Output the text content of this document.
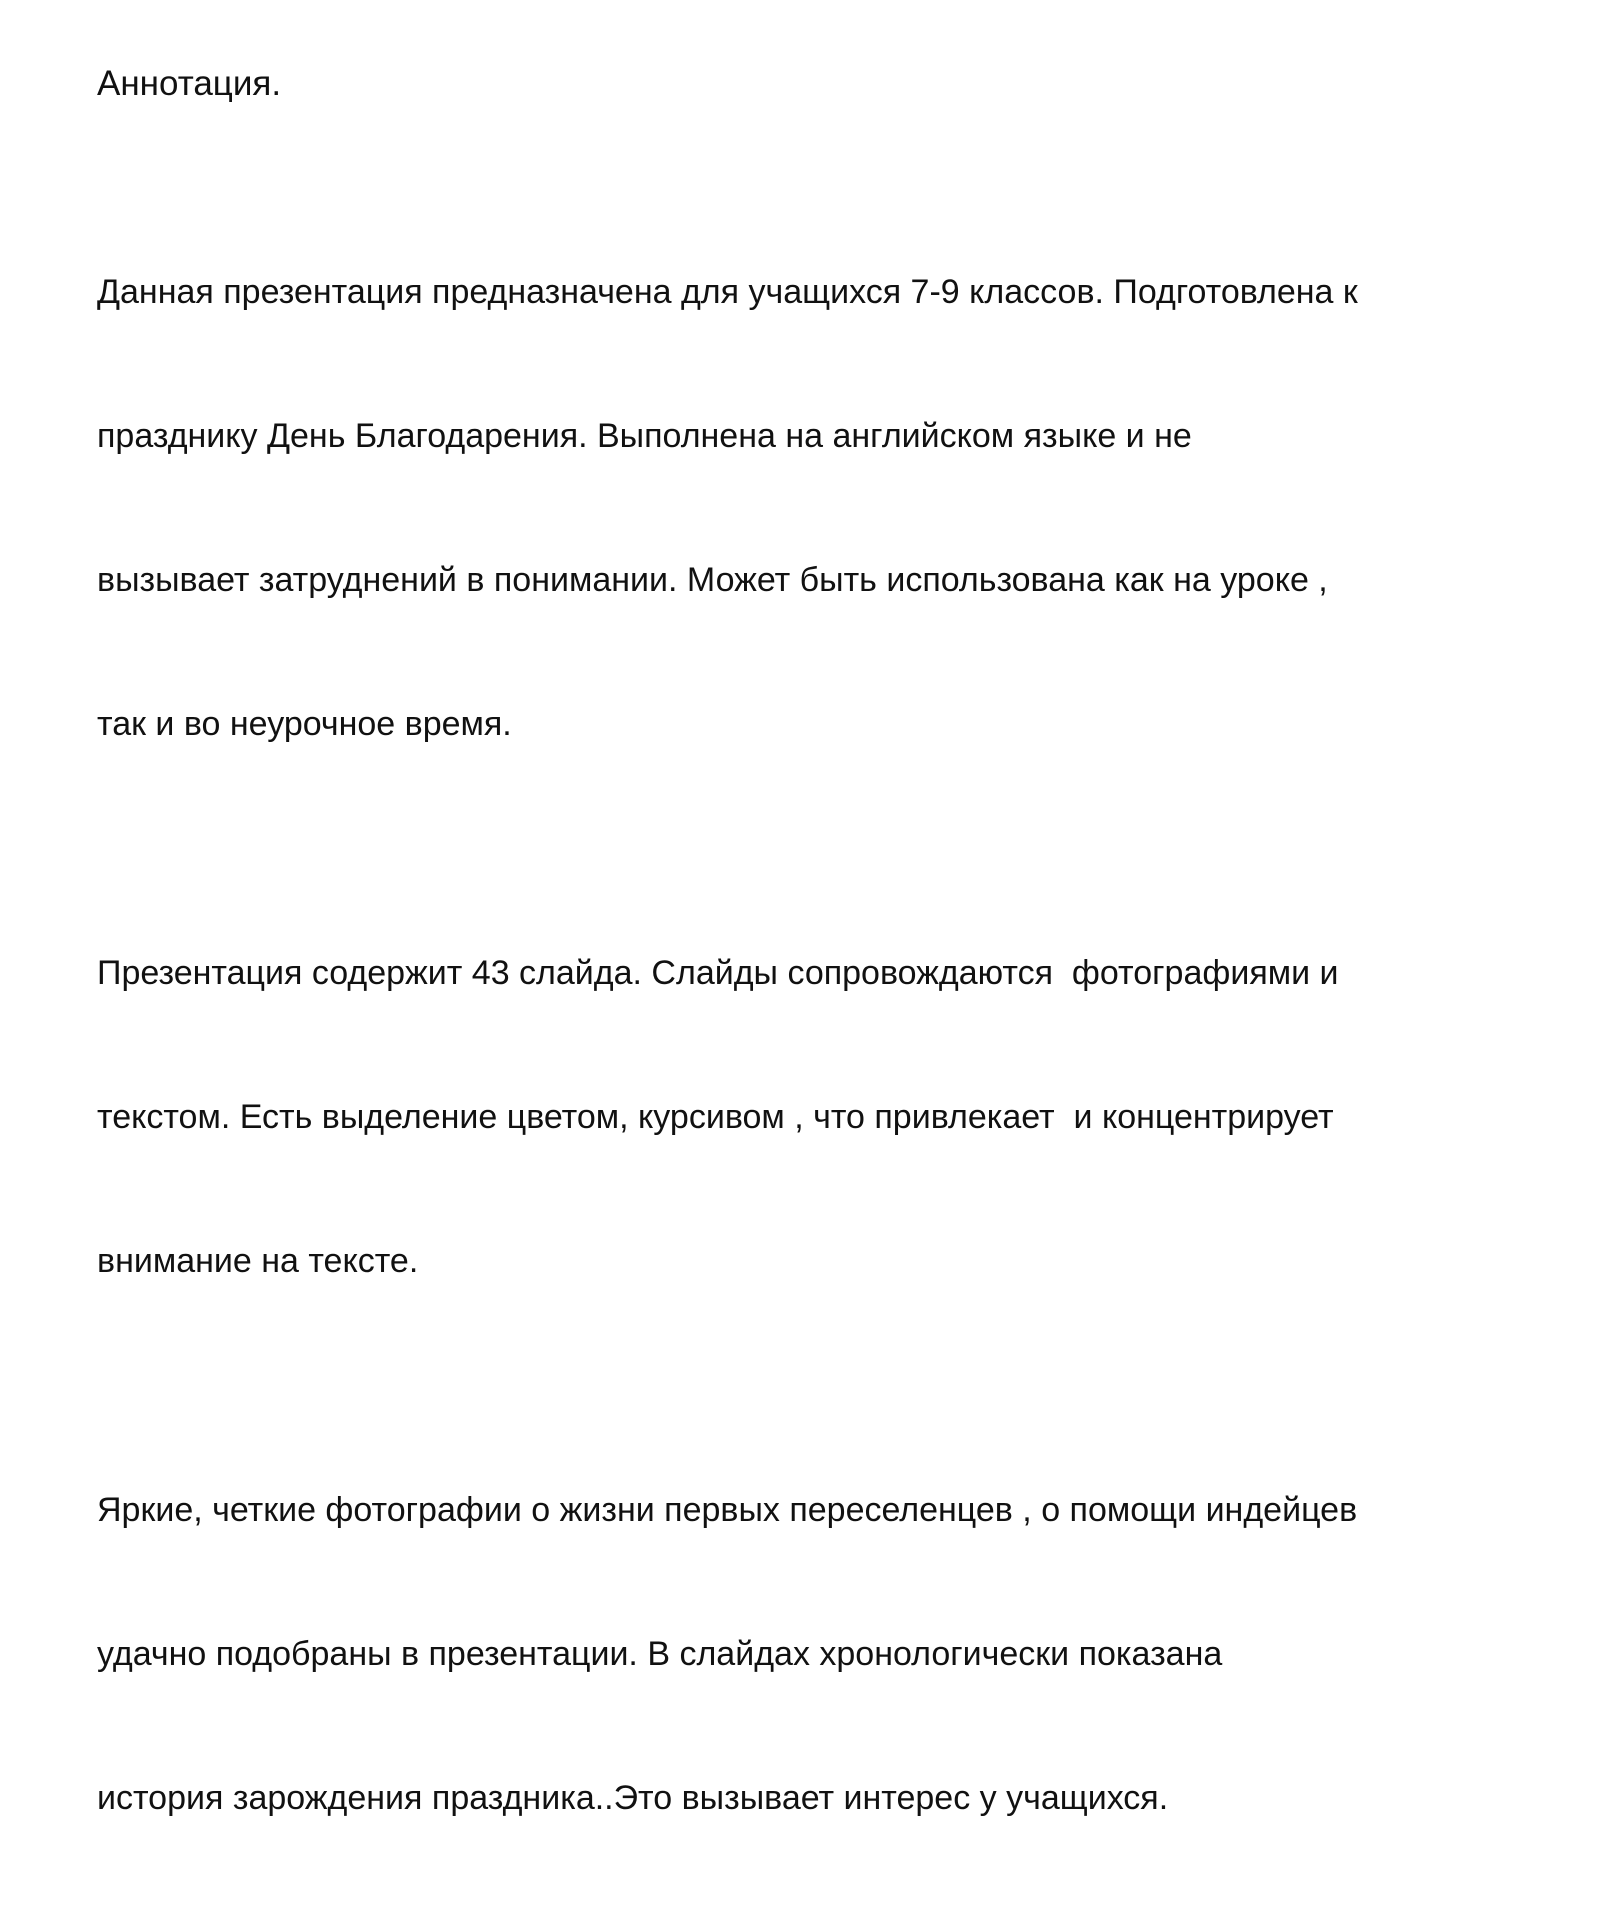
Аннотация.

Данная презентация предназначена для учащихся 7-9 классов. Подготовлена к

празднику День Благодарения. Выполнена на английском языке и не

вызывает затруднений в понимании. Может быть использована как на уроке ,

так и во неурочное время.

Презентация содержит 43 слайда. Слайды сопровождаются  фотографиями и

текстом. Есть выделение цветом, курсивом , что привлекает  и концентрирует

внимание на тексте.

Яркие, четкие фотографии о жизни первых переселенцев , о помощи индейцев

удачно подобраны в презентации. В слайдах хронологически показана

история зарождения праздника..Это вызывает интерес у учащихся.
